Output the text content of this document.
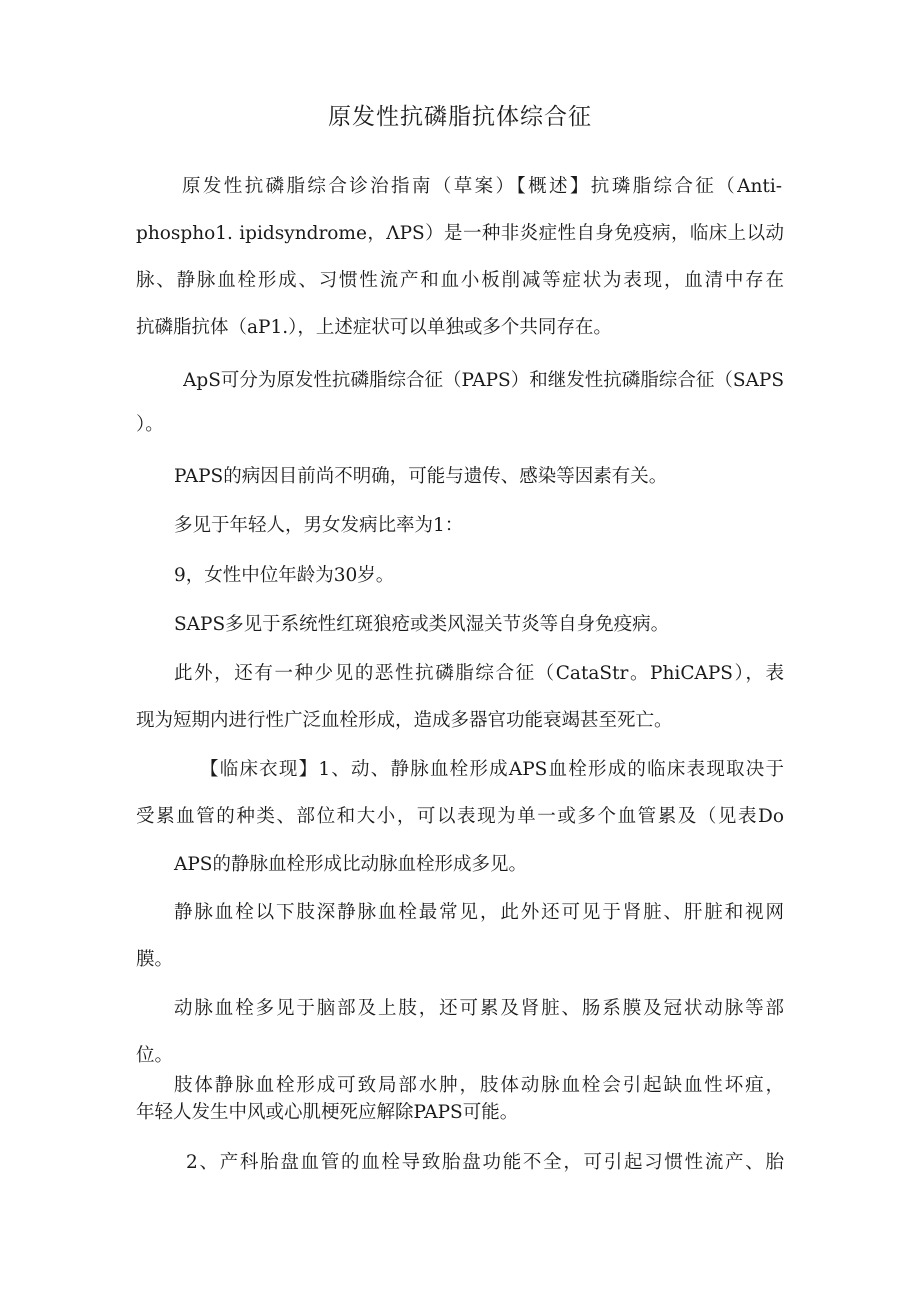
原发性抗磷脂抗体综合征
原发性抗磷脂综合诊治指南（草案）【概述】抗璘脂综合征（Anti-
phospho1. ipidsyndrome，ΛPS）是一种非炎症性自身免疫病，临床上以动
脉、静脉血栓形成、习惯性流产和血小板削减等症状为表现，血清中存在
抗磷脂抗体（aP1.），上述症状可以单独或多个共同存在。
ApS可分为原发性抗磷脂综合征（PAPS）和继发性抗磷脂综合征（SAPS
）。
PAPS的病因目前尚不明确，可能与遗传、感染等因素有关。
多见于年轻人，男女发病比率为1：
9，女性中位年龄为30岁。
SAPS多见于系统性红斑狼疮或类风湿关节炎等自身免疫病。
此外，还有一种少见的恶性抗磷脂综合征（CataStr。PhiCAPS），表
现为短期内进行性广泛血栓形成，造成多器官功能衰竭甚至死亡。
【临床衣现】1、动、静脉血栓形成APS血栓形成的临床表现取决于
受累血管的种类、部位和大小，可以表现为单一或多个血管累及（见表Do
APS的静脉血栓形成比动脉血栓形成多见。
静脉血栓以下肢深静脉血栓最常见，此外还可见于肾脏、肝脏和视网
膜。
动脉血栓多见于脑部及上肢，还可累及肾脏、肠系膜及冠状动脉等部
位。
肢体静脉血栓形成可致局部水肿，肢体动脉血栓会引起缺血性坏疽，
年轻人发生中风或心肌梗死应解除PAPS可能。
2、产科胎盘血管的血栓导致胎盘功能不全，可引起习惯性流产、胎
